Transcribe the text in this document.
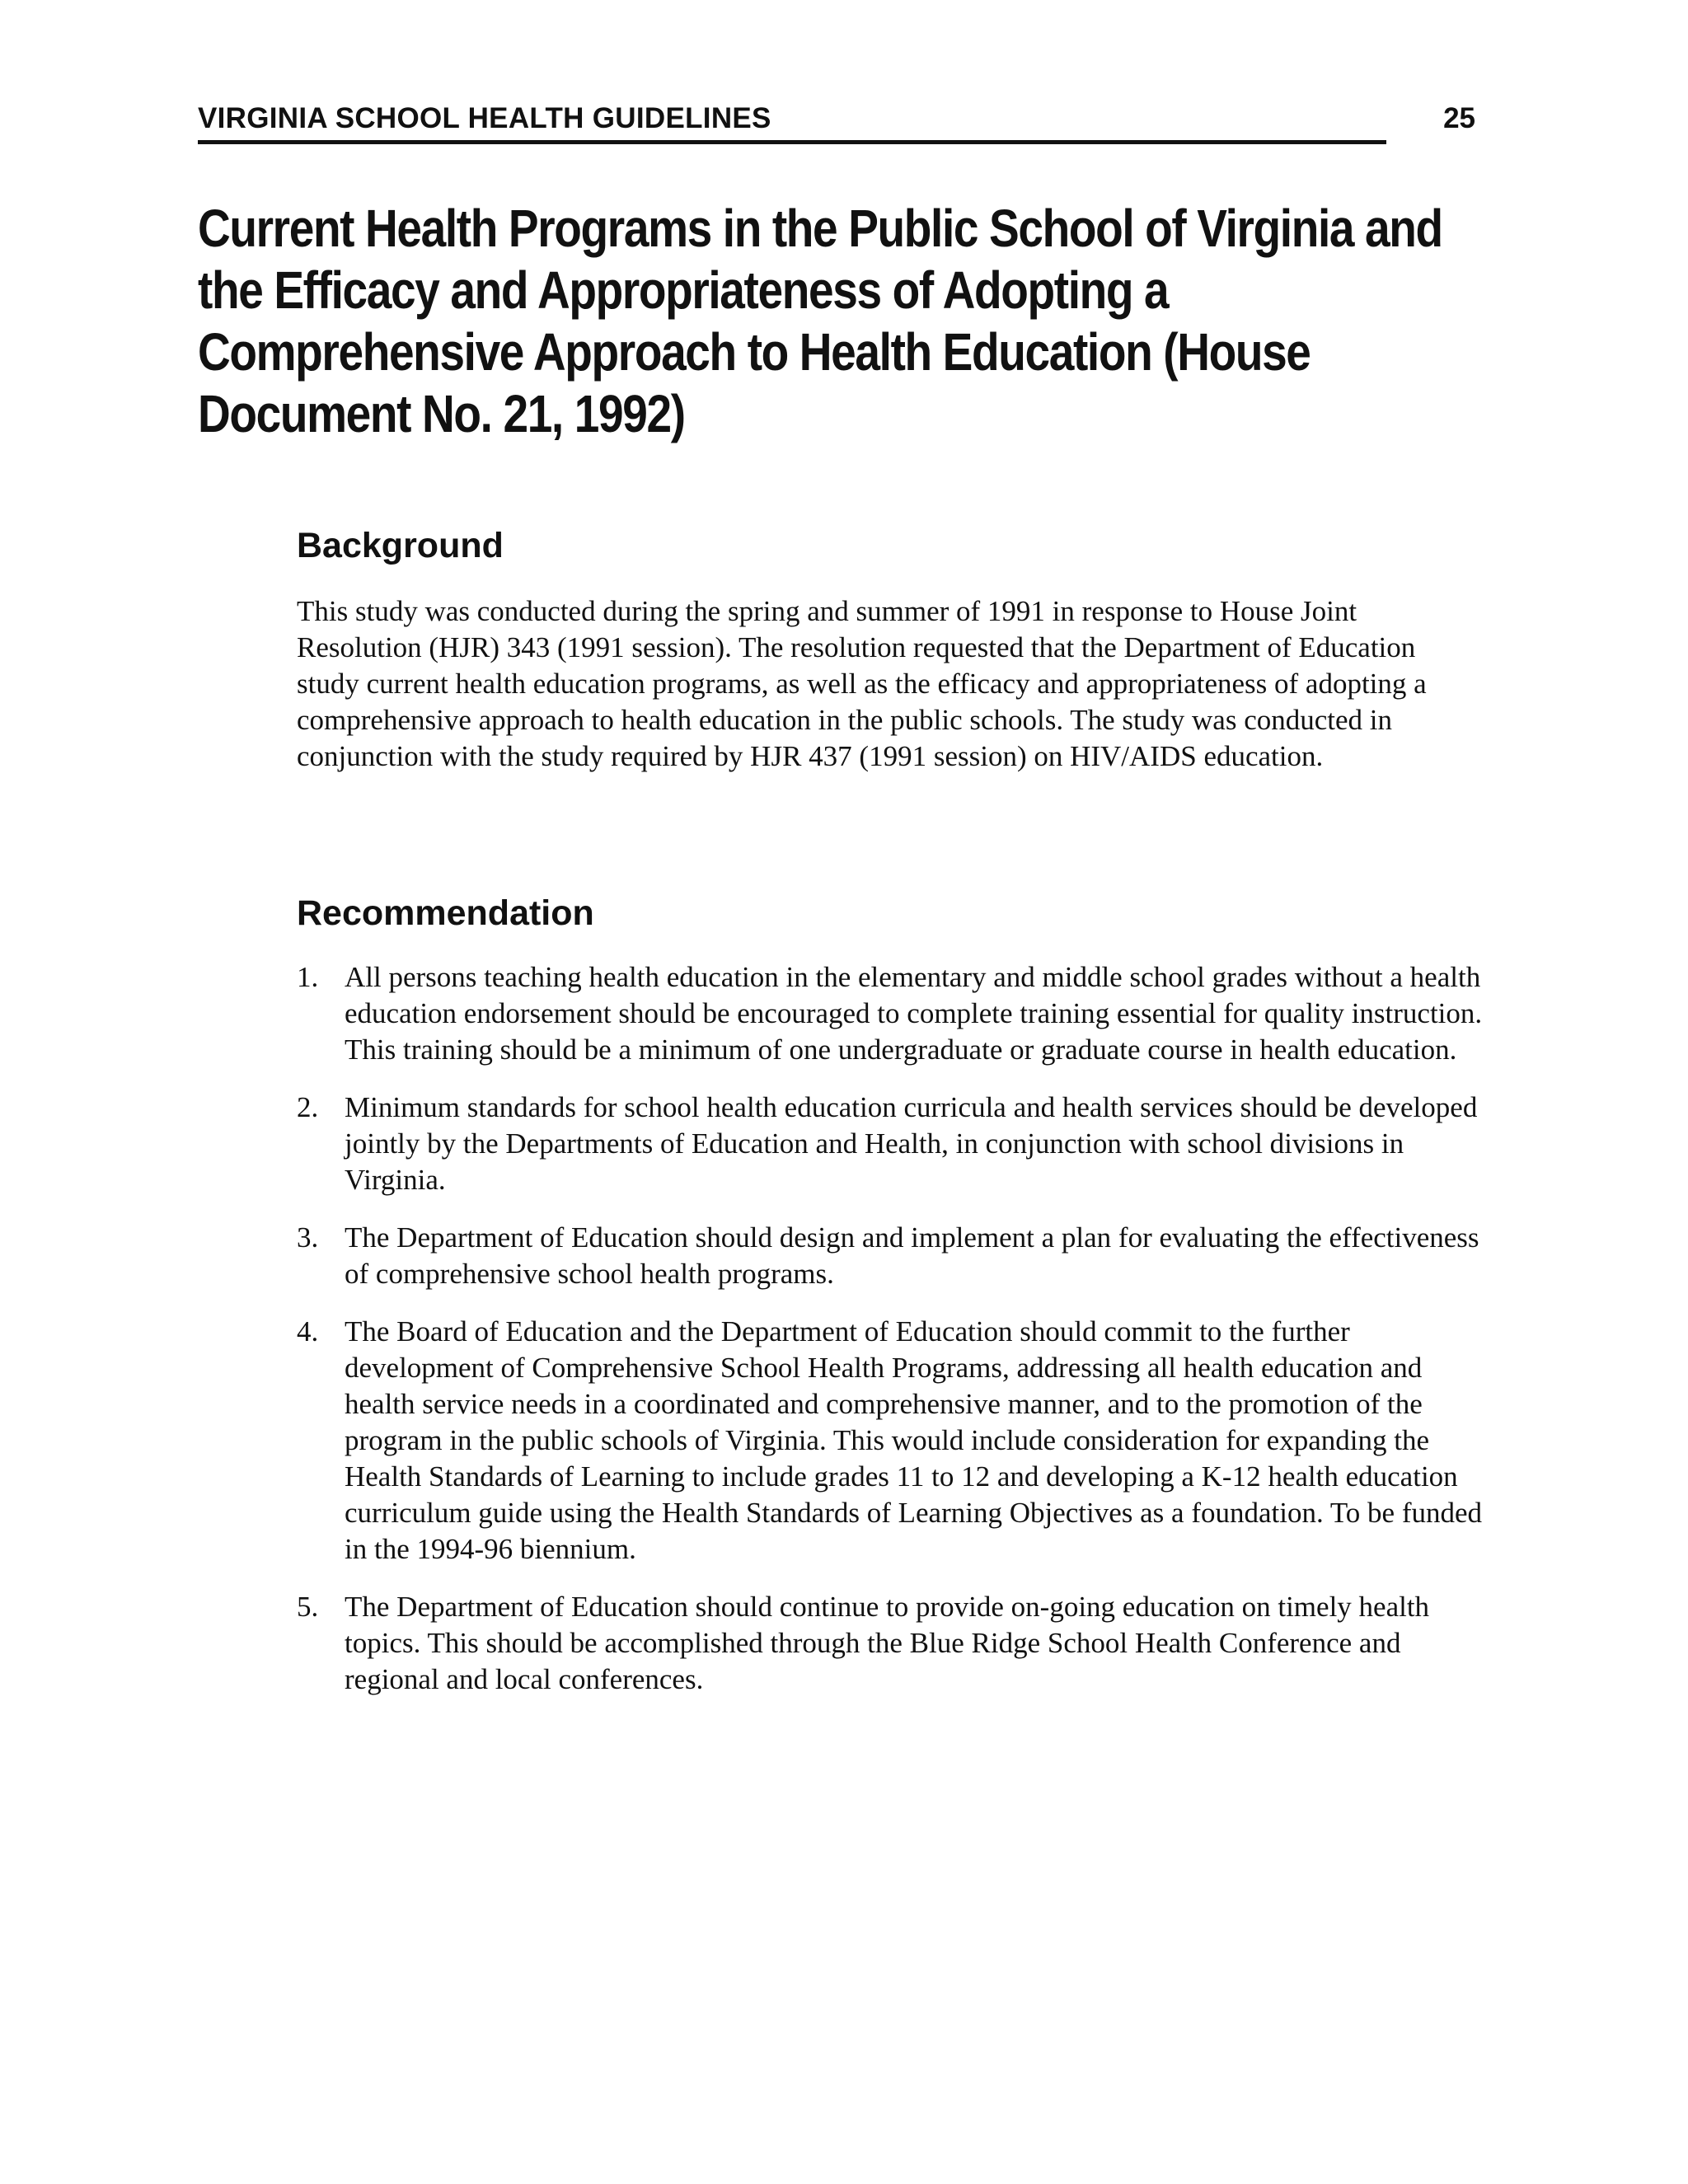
VIRGINIA SCHOOL HEALTH GUIDELINES	25
Current Health Programs in the Public School of Virginia and the Efficacy and Appropriateness of Adopting a Comprehensive Approach to Health Education (House Document No. 21, 1992)
Background

This study was conducted during the spring and summer of 1991 in response to House Joint Resolution (HJR) 343 (1991 session). The resolution requested that the Department of Education study current health education programs, as well as the efficacy and appropriateness of adopting a comprehensive approach to health education in the public schools. The study was conducted in conjunction with the study required by HJR 437 (1991 session) on HIV/AIDS education.

Recommendation
1. All persons teaching health education in the elementary and middle school grades without a health education endorsement should be encouraged to complete training essential for quality instruction. This training should be a minimum of one undergraduate or graduate course in health education.
2. Minimum standards for school health education curricula and health services should be developed jointly by the Departments of Education and Health, in conjunction with school divisions in Virginia.
3. The Department of Education should design and implement a plan for evaluating the effectiveness of comprehensive school health programs.
4. The Board of Education and the Department of Education should commit to the further development of Comprehensive School Health Programs, addressing all health education and health service needs in a coordinated and comprehensive manner, and to the promotion of the program in the public schools of Virginia. This would include consideration for expanding the Health Standards of Learning to include grades 11 to 12 and developing a K-12 health education curriculum guide using the Health Standards of Learning Objectives as a foundation. To be funded in the 1994-96 biennium.
5. The Department of Education should continue to provide on-going education on timely health topics. This should be accomplished through the Blue Ridge School Health Conference and regional and local conferences.
